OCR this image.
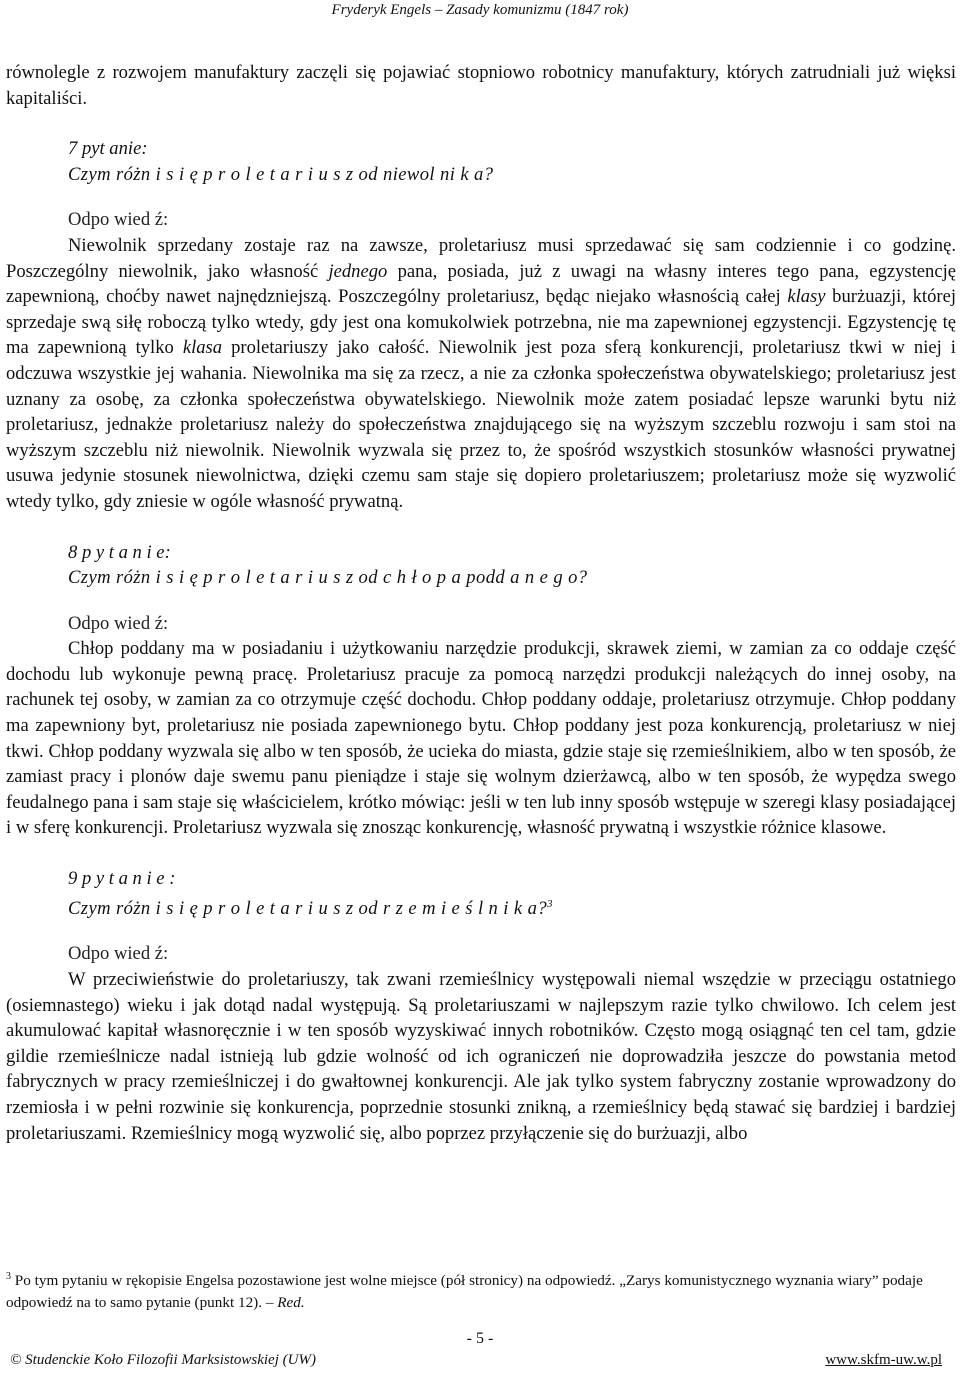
Fryderyk Engels – Zasady komunizmu (1847 rok)

równolegle z rozwojem manufaktury zaczęli się pojawiać stopniowo robotnicy manufaktury, których zatrudniali już więksi kapitaliści.

7 pyt anie:
Czym różn i s i ę p r o l e t a r i u s z od niewol ni k a?
Odpo wied ź:

Niewolnik sprzedany zostaje raz na zawsze, proletariusz musi sprzedawać się sam codziennie i co godzinę. Poszczególny niewolnik, jako własność jednego pana, posiada, już z uwagi na własny interes tego pana, egzystencję zapewnioną, choćby nawet najnędzniejszą. Poszczególny proletariusz, będąc niejako własnością całej klasy burżuazji, której sprzedaje swą siłę roboczą tylko wtedy, gdy jest ona komukolwiek potrzebna, nie ma zapewnionej egzystencji. Egzystencję tę ma zapewnioną tylko klasa proletariuszy jako całość. Niewolnik jest poza sferą konkurencji, proletariusz tkwi w niej i odczuwa wszystkie jej wahania. Niewolnika ma się za rzecz, a nie za członka społeczeństwa obywatelskiego; proletariusz jest uznany za osobę, za członka społeczeństwa obywatelskiego. Niewolnik może zatem posiadać lepsze warunki bytu niż proletariusz, jednakże proletariusz należy do społeczeństwa znajdującego się na wyższym szczeblu rozwoju i sam stoi na wyższym szczeblu niż niewolnik. Niewolnik wyzwala się przez to, że spośród wszystkich stosunków własności prywatnej usuwa jedynie stosunek niewolnictwa, dzięki czemu sam staje się dopiero proletariuszem; proletariusz może się wyzwolić wtedy tylko, gdy zniesie w ogóle własność prywatną.

8 p y t a n i e:
Czym różn i s i ę p r o l e t a r i u s z od c h ł o p a podd a n e g o?
Odpo wied ź:

Chłop poddany ma w posiadaniu i użytkowaniu narzędzie produkcji, skrawek ziemi, w zamian za co oddaje część dochodu lub wykonuje pewną pracę. Proletariusz pracuje za pomocą narzędzi produkcji należących do innej osoby, na rachunek tej osoby, w zamian za co otrzymuje część dochodu. Chłop poddany oddaje, proletariusz otrzymuje. Chłop poddany ma zapewniony byt, proletariusz nie posiada zapewnionego bytu. Chłop poddany jest poza konkurencją, proletariusz w niej tkwi. Chłop poddany wyzwala się albo w ten sposób, że ucieka do miasta, gdzie staje się rzemieślnikiem, albo w ten sposób, że zamiast pracy i plonów daje swemu panu pieniądze i staje się wolnym dzierżawcą, albo w ten sposób, że wypędza swego feudalnego pana i sam staje się właścicielem, krótko mówiąc: jeśli w ten lub inny sposób wstępuje w szeregi klasy posiadającej i w sferę konkurencji. Proletariusz wyzwala się znosząc konkurencję, własność prywatną i wszystkie różnice klasowe.

9 p y t a n i e :
Czym różn i s i ę p r o l e t a r i u s z od r z e m i e ś l n i k a?$^3$
Odpo wied ź:

W przeciwieństwie do proletariuszy, tak zwani rzemieślnicy występowali niemal wszędzie w przeciągu ostatniego (osiemnastego) wieku i jak dotąd nadal występują. Są proletariuszami w najlepszym razie tylko chwilowo. Ich celem jest akumulować kapitał własnoręcznie i w ten sposób wyzyskiwać innych robotników. Często mogą osiągnąć ten cel tam, gdzie gildie rzemieślnicze nadal istnieją lub gdzie wolność od ich ograniczeń nie doprowadziła jeszcze do powstania metod fabrycznych w pracy rzemieślniczej i do gwałtownej konkurencji. Ale jak tylko system fabryczny zostanie wprowadzony do rzemiosła i w pełni rozwinie się konkurencja, poprzednie stosunki znikną, a rzemieślnicy będą stawać się bardziej i bardziej proletariuszami. Rzemieślnicy mogą wyzwolić się, albo poprzez przyłączenie się do burżuazji, albo

$^3$ Po tym pytaniu w rękopisie Engelsa pozostawione jest wolne miejsce (pół stronicy) na odpowiedź. „Zarys komunistycznego wyznania wiary” podaje odpowiedź na to samo pytanie (punkt 12). – Red.
- 5 -
© Studenckie Koło Filozofii Marksistowskiej (UW)	www.skfm-uw.w.pl
